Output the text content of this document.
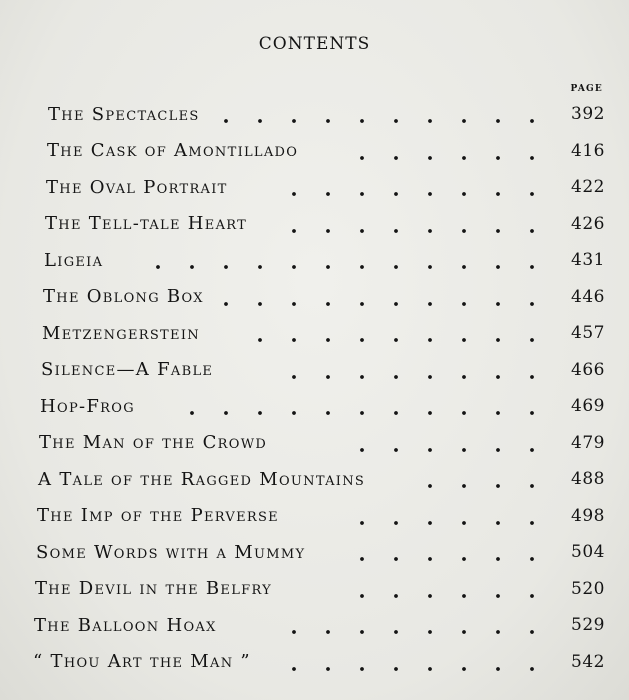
CONTENTS
PAGE
The Spectacles	392
The Cask of Amontillado	416
The Oval Portrait	422
The Tell-tale Heart	426
Ligeia	431
The Oblong Box	446
Metzengerstein	457
Silence—A Fable	466
Hop-Frog	469
The Man of the Crowd	479
A Tale of the Ragged Mountains	488
The Imp of the Perverse	498
Some Words with a Mummy	504
The Devil in the Belfry	520
The Balloon Hoax	529
“ Thou Art the Man ”	542
